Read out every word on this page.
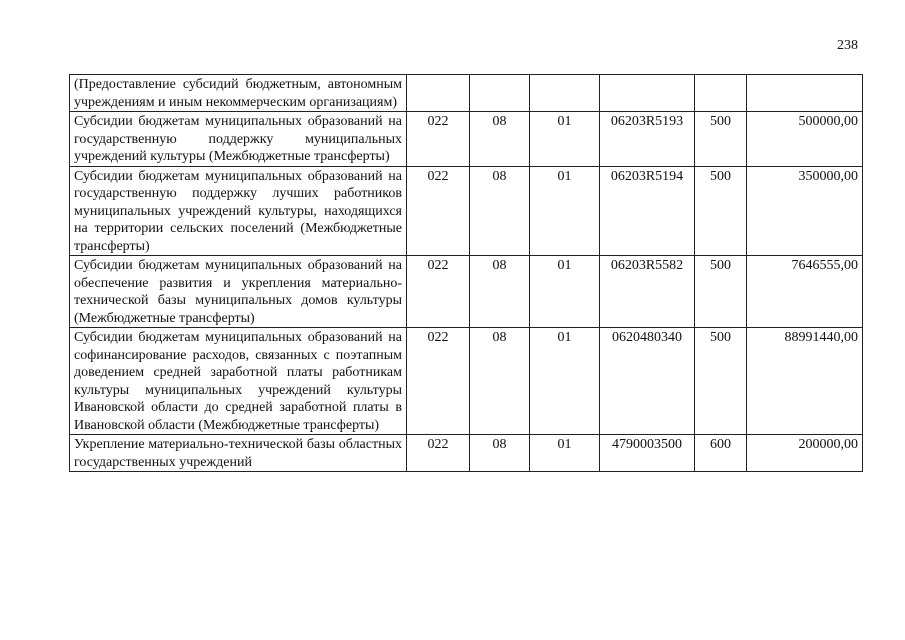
238
(Предоставление субсидий бюджетным, автономным учреждениям и иным некоммерческим организациям)						
Субсидии бюджетам муниципальных образований на государственную поддержку муниципальных учреждений культуры (Межбюджетные трансферты)	022	08	01	06203R5193	500	500000,00
Субсидии бюджетам муниципальных образований на государственную поддержку лучших работников муниципальных учреждений культуры, находящихся на территории сельских поселений (Межбюджетные трансферты)	022	08	01	06203R5194	500	350000,00
Субсидии бюджетам муниципальных образований на обеспечение развития и укрепления материально-технической базы муниципальных домов культуры (Межбюджетные трансферты)	022	08	01	06203R5582	500	7646555,00
Субсидии бюджетам муниципальных образований на софинансирование расходов, связанных с поэтапным доведением средней заработной платы работникам культуры муниципальных учреждений культуры Ивановской области до средней заработной платы в Ивановской области (Межбюджетные трансферты)	022	08	01	0620480340	500	88991440,00
Укрепление материально-технической базы областных государственных учреждений	022	08	01	4790003500	600	200000,00
